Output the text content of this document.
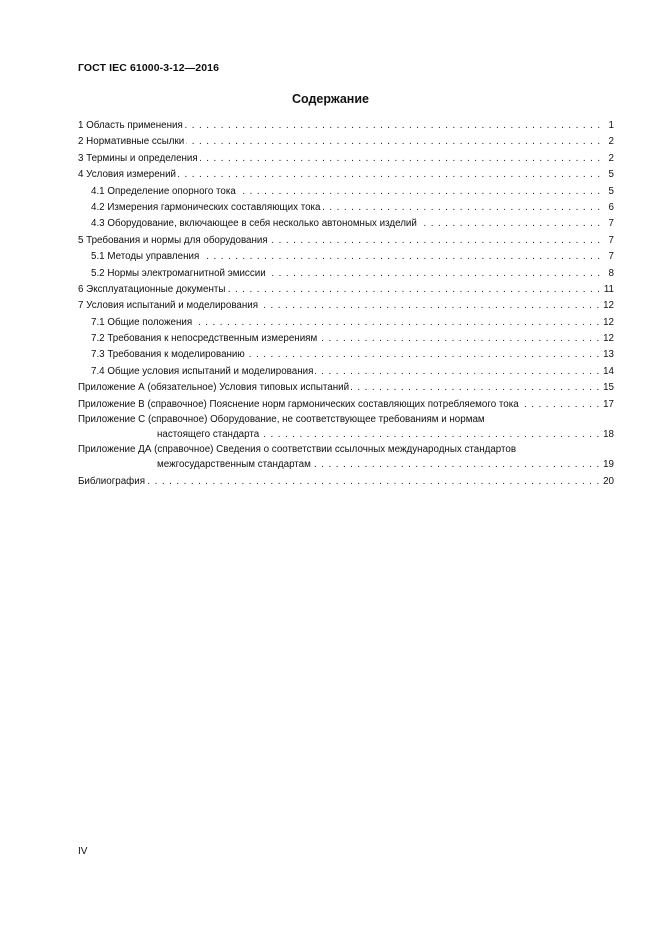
ГОСТ IEC 61000-3-12—2016
Содержание
1 Область применения . . .	1
2 Нормативные ссылки . . .	2
3 Термины и определения . . .	2
4 Условия измерений . . .	5
4.1 Определение опорного тока . . .	5
4.2 Измерения гармонических составляющих тока . . .	6
4.3 Оборудование, включающее в себя несколько автономных изделий . . .	7
5 Требования и нормы для оборудования . . .	7
5.1 Методы управления . . .	7
5.2 Нормы электромагнитной эмиссии . . .	8
6 Эксплуатационные документы . . .	11
7 Условия испытаний и моделирования . . .	12
7.1 Общие положения . . .	12
7.2 Требования к непосредственным измерениям . . .	12
7.3 Требования к моделированию . . .	13
7.4 Общие условия испытаний и моделирования . . .	14
Приложение А (обязательное) Условия типовых испытаний . . .	15
Приложение В (справочное) Пояснение норм гармонических составляющих потребляемого тока . . .	17
Приложение С (справочное) Оборудование, не соответствующее требованиям и нормам
настоящего стандарта . . .	18
Приложение ДА (справочное) Сведения о соответствии ссылочных международных стандартов
межгосударственным стандартам . . .	19
Библиография . . .	20
IV
